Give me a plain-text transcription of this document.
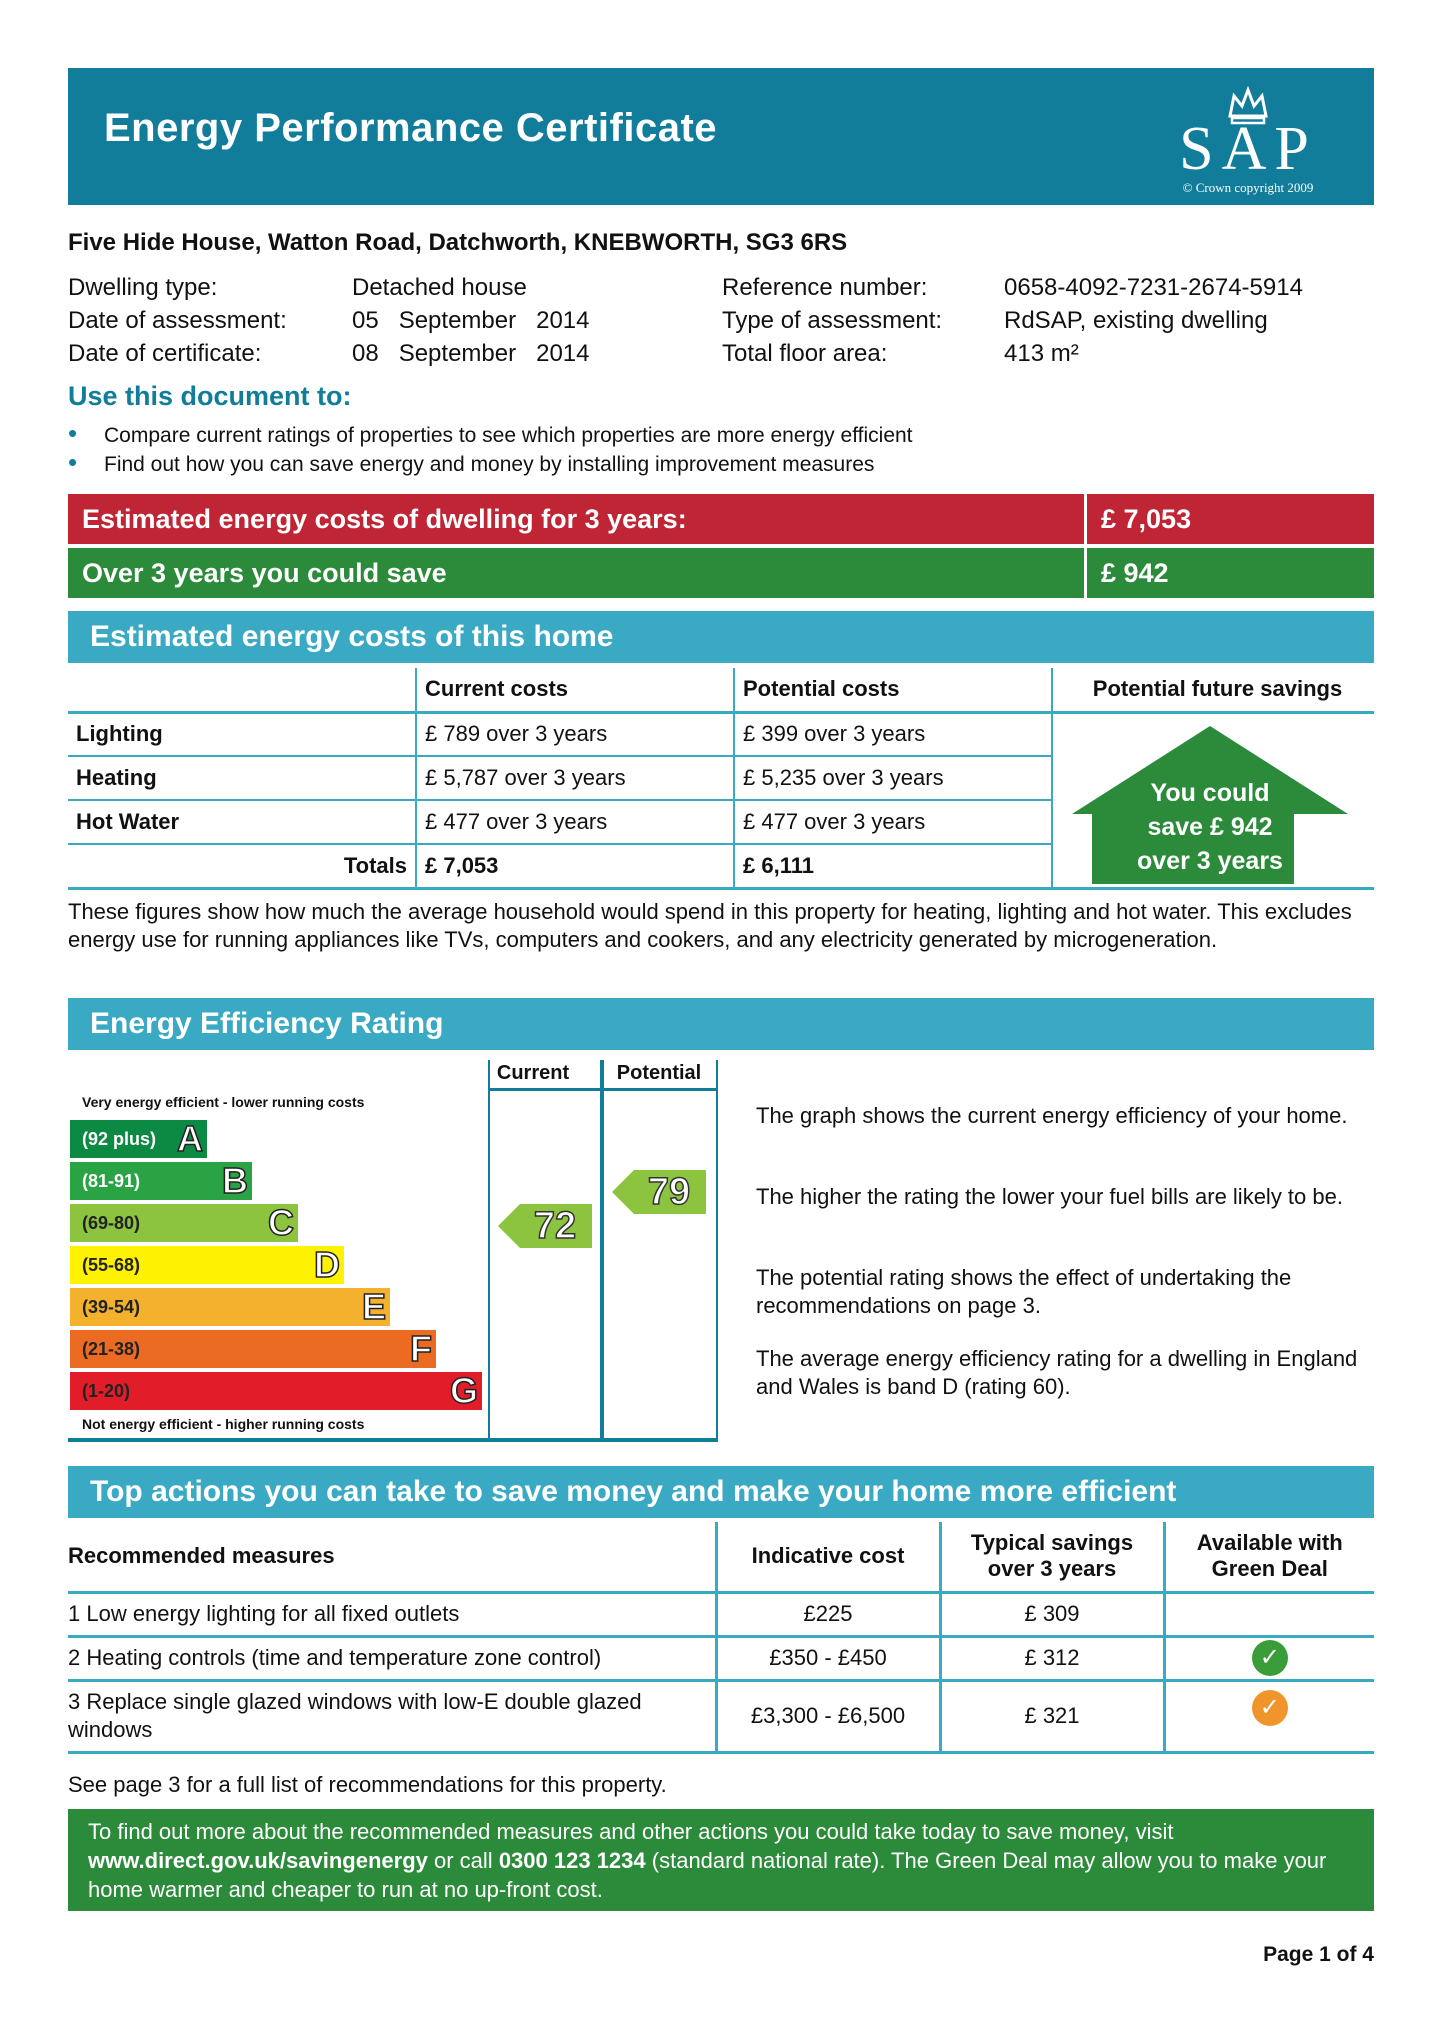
Energy Performance Certificate	SAP
© Crown copyright 2009
Five Hide House, Watton Road, Datchworth, KNEBWORTH, SG3 6RS
Dwelling type:	Detached house
Date of assessment:	05   September   2014
Date of certificate:	08   September   2014
Reference number:	0658-4092-7231-2674-5914
Type of assessment:	RdSAP, existing dwelling
Total floor area:	413 m²
Use this document to:
• Compare current ratings of properties to see which properties are more energy efficient
• Find out how you can save energy and money by installing improvement measures
Estimated energy costs of dwelling for 3 years:	£ 7,053
Over 3 years you could save	£ 942
Estimated energy costs of this home
	Current costs	Potential costs	Potential future savings
Lighting	£ 789 over 3 years	£ 399 over 3 years	
Heating	£ 5,787 over 3 years	£ 5,235 over 3 years	
Hot Water	£ 477 over 3 years	£ 477 over 3 years	
Totals	£ 7,053	£ 6,111	
You could
save £ 942
over 3 years
These figures show how much the average household would spend in this property for heating, lighting and hot water. This excludes energy use for running appliances like TVs, computers and cookers, and any electricity generated by microgeneration.
Energy Efficiency Rating
Current	Potential
Very energy efficient - lower running costs
Not energy efficient - higher running costs
(92 plus) A
(81-91)	B
(69-80)	C
(55-68)	D
(39-54)	E
(21-38)	F
(1-20)	G
72
79
The graph shows the current energy efficiency of your home.
The higher the rating the lower your fuel bills are likely to be.
The potential rating shows the effect of undertaking the recommendations on page 3.
The average energy efficiency rating for a dwelling in England and Wales is band D (rating 60).
Top actions you can take to save money and make your home more efficient
Recommended measures	Indicative cost	Typical savings over 3 years	Available with Green Deal
1 Low energy lighting for all fixed outlets	£225	£ 309	
2 Heating controls (time and temperature zone control)	£350 - £450	£ 312	✓
3 Replace single glazed windows with low-E double glazed windows	£3,300 - £6,500	£ 321	✓
See page 3 for a full list of recommendations for this property.
To find out more about the recommended measures and other actions you could take today to save money, visit www.direct.gov.uk/savingenergy or call 0300 123 1234 (standard national rate). The Green Deal may allow you to make your home warmer and cheaper to run at no up-front cost.
Page 1 of 4
